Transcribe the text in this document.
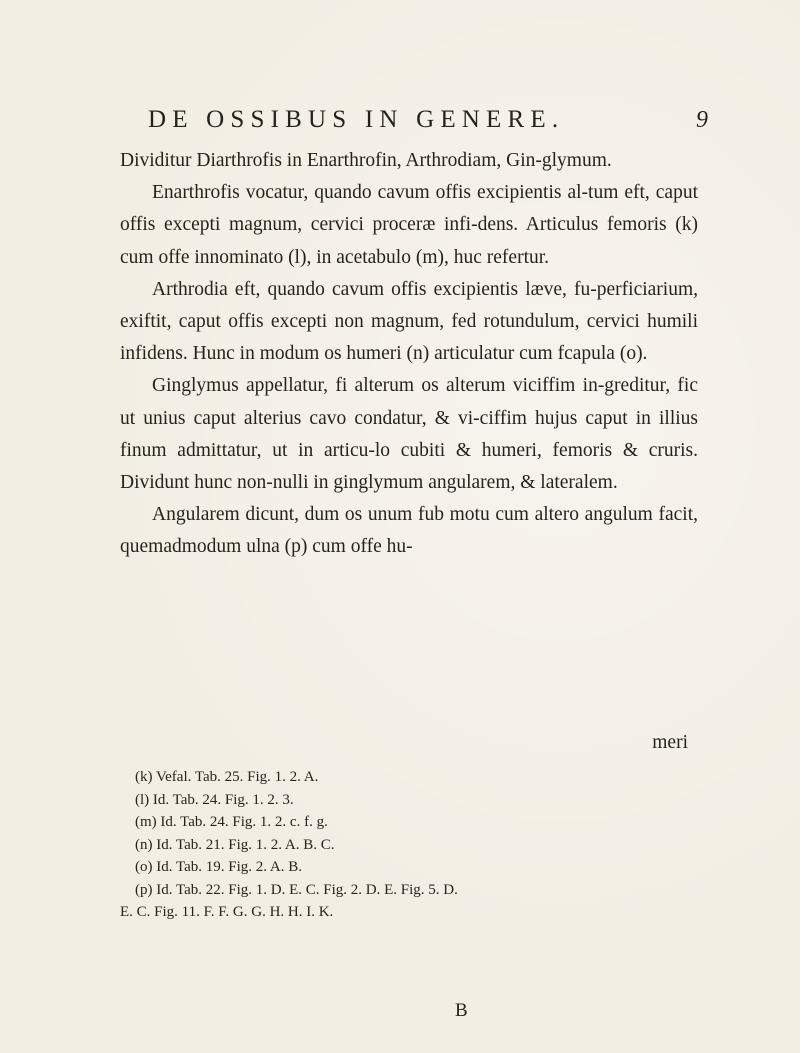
DE OSSIBUS IN GENERE.	9

Dividitur Diarthrofis in Enarthrofin, Arthrodiam, Gin-glymum.

Enarthrofis vocatur, quando cavum offis excipientis al-tum eft, caput offis excepti magnum, cervici proceræ infi-dens. Articulus femoris (k) cum offe innominato (l), in acetabulo (m), huc refertur.

Arthrodia eft, quando cavum offis excipientis læve, fu-perficiarium, exiftit, caput offis excepti non magnum, fed rotundulum, cervici humili infidens. Hunc in modum os humeri (n) articulatur cum fcapula (o).

Ginglymus appellatur, fi alterum os alterum viciffim in-greditur, fic ut unius caput alterius cavo condatur, & vi-ciffim hujus caput in illius finum admittatur, ut in articu-lo cubiti & humeri, femoris & cruris. Dividunt hunc non-nulli in ginglymum angularem, & lateralem.

Angularem dicunt, dum os unum fub motu cum altero angulum facit, quemadmodum ulna (p) cum offe hu-

meri

(k) Vefal. Tab. 25. Fig. 1. 2. A.

(l) Id. Tab. 24. Fig. 1. 2. 3.

(m) Id. Tab. 24. Fig. 1. 2. c. f. g.

(n) Id. Tab. 21. Fig. 1. 2. A. B. C.

(o) Id. Tab. 19. Fig. 2. A. B.

(p) Id. Tab. 22. Fig. 1. D. E. C. Fig. 2. D. E. Fig. 5. D.

E. C. Fig. 11. F. F. G. G. H. H. I. K.

B
